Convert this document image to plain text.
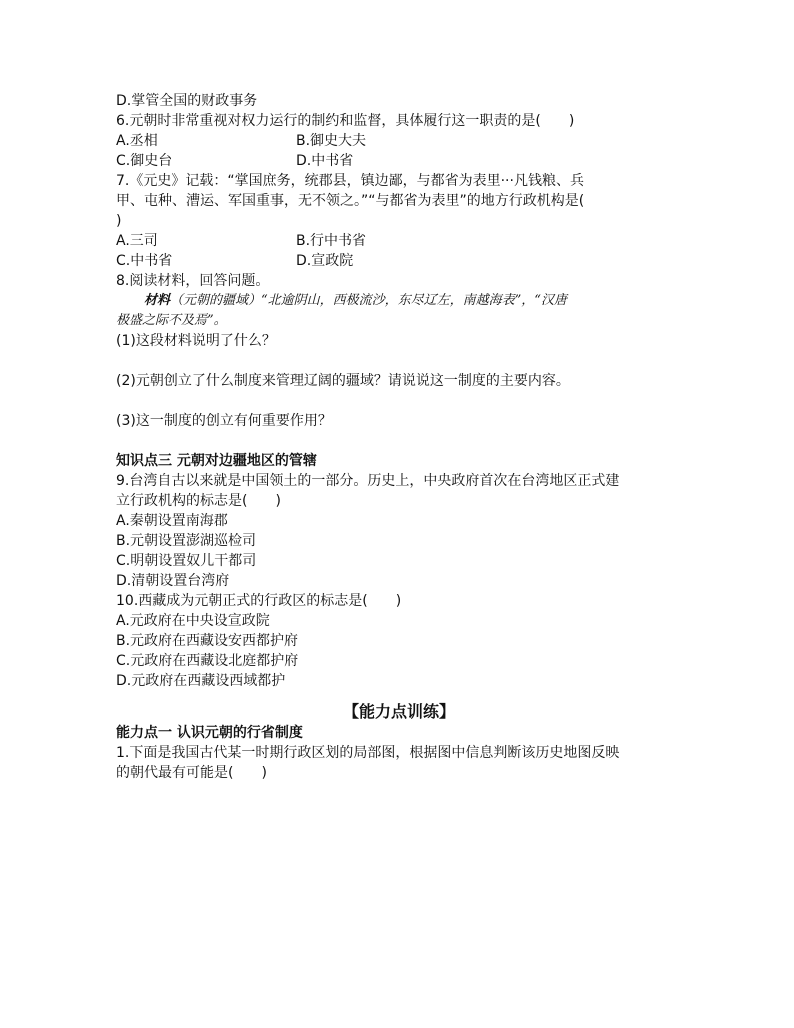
D.掌管全国的财政事务
6.元朝时非常重视对权力运行的制约和监督，具体履行这一职责的是(　　)
A.丞相	B.御史大夫
C.御史台	D.中书省
7.《元史》记载：“掌国庶务，统郡县，镇边鄙，与都省为表里···凡钱粮、兵
甲、屯种、漕运、军国重事，无不领之。”“与都省为表里”的地方行政机构是(
)
A.三司	B.行中书省
C.中书省	D.宣政院
8.阅读材料，回答问题。
材料（元朝的疆域）“北逾阴山，西极流沙，东尽辽左，南越海表”，“汉唐
极盛之际不及焉”。
(1)这段材料说明了什么？
(2)元朝创立了什么制度来管理辽阔的疆域？请说说这一制度的主要内容。
(3)这一制度的创立有何重要作用？
知识点三 元朝对边疆地区的管辖
9.台湾自古以来就是中国领土的一部分。历史上，中央政府首次在台湾地区正式建
立行政机构的标志是(　　)
A.秦朝设置南海郡
B.元朝设置澎湖巡检司
C.明朝设置奴儿干都司
D.清朝设置台湾府
10.西藏成为元朝正式的行政区的标志是(　　)
A.元政府在中央设宣政院
B.元政府在西藏设安西都护府
C.元政府在西藏设北庭都护府
D.元政府在西藏设西域都护
【能力点训练】
能力点一 认识元朝的行省制度
1.下面是我国古代某一时期行政区划的局部图，根据图中信息判断该历史地图反映
的朝代最有可能是(　　)
